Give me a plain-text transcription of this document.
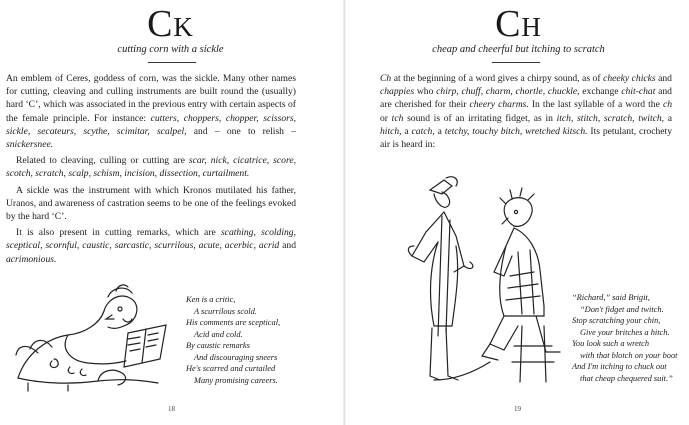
CK
cutting corn with a sickle

An emblem of Ceres, goddess of corn, was the sickle. Many other names for cutting, cleaving and culling instruments are built round the (usually) hard ‘C’, which was associated in the previous entry with certain aspects of the female principle. For instance: cutters, choppers, chopper, scissors, sickle, secateurs, scythe, scimitar, scalpel, and – one to relish – snickersnee.

Related to cleaving, culling or cutting are scar, nick, cicatrice, score, scotch, scratch, scalp, schism, incision, dissection, curtailment.

A sickle was the instrument with which Kronos mutilated his father, Uranos, and awareness of castration seems to be one of the feelings evoked by the hard ‘C’.

It is also present in cutting remarks, which are scathing, scolding, sceptical, scornful, caustic, sarcastic, scurrilous, acute, acerbic, acrid and acrimonious.

Ken is a critic,
A scurrilous scold.
His comments are sceptical,
Acid and cold.
By caustic remarks
And discouraging sneers
He's scarred and curtailed
Many promising careers.
18
CH
cheap and cheerful but itching to scratch

Ch at the beginning of a word gives a chirpy sound, as of cheeky chicks and chappies who chirp, chuff, charm, chortle, chuckle, exchange chit-chat and are cherished for their cheery charms. In the last syllable of a word the ch or tch sound is of an irritating fidget, as in itch, stitch, scratch, twitch, a hitch, a catch, a tetchy, touchy bitch, wretched kitsch. Its petulant, crochety air is heard in:

“Richard,” said Brigit,
“Don't fidget and twitch.
Stop scratching your chin,
Give your britches a hitch.
You look such a wretch
with that blotch on your boot
And I'm itching to chuck out
that cheap chequered suit.”
19
